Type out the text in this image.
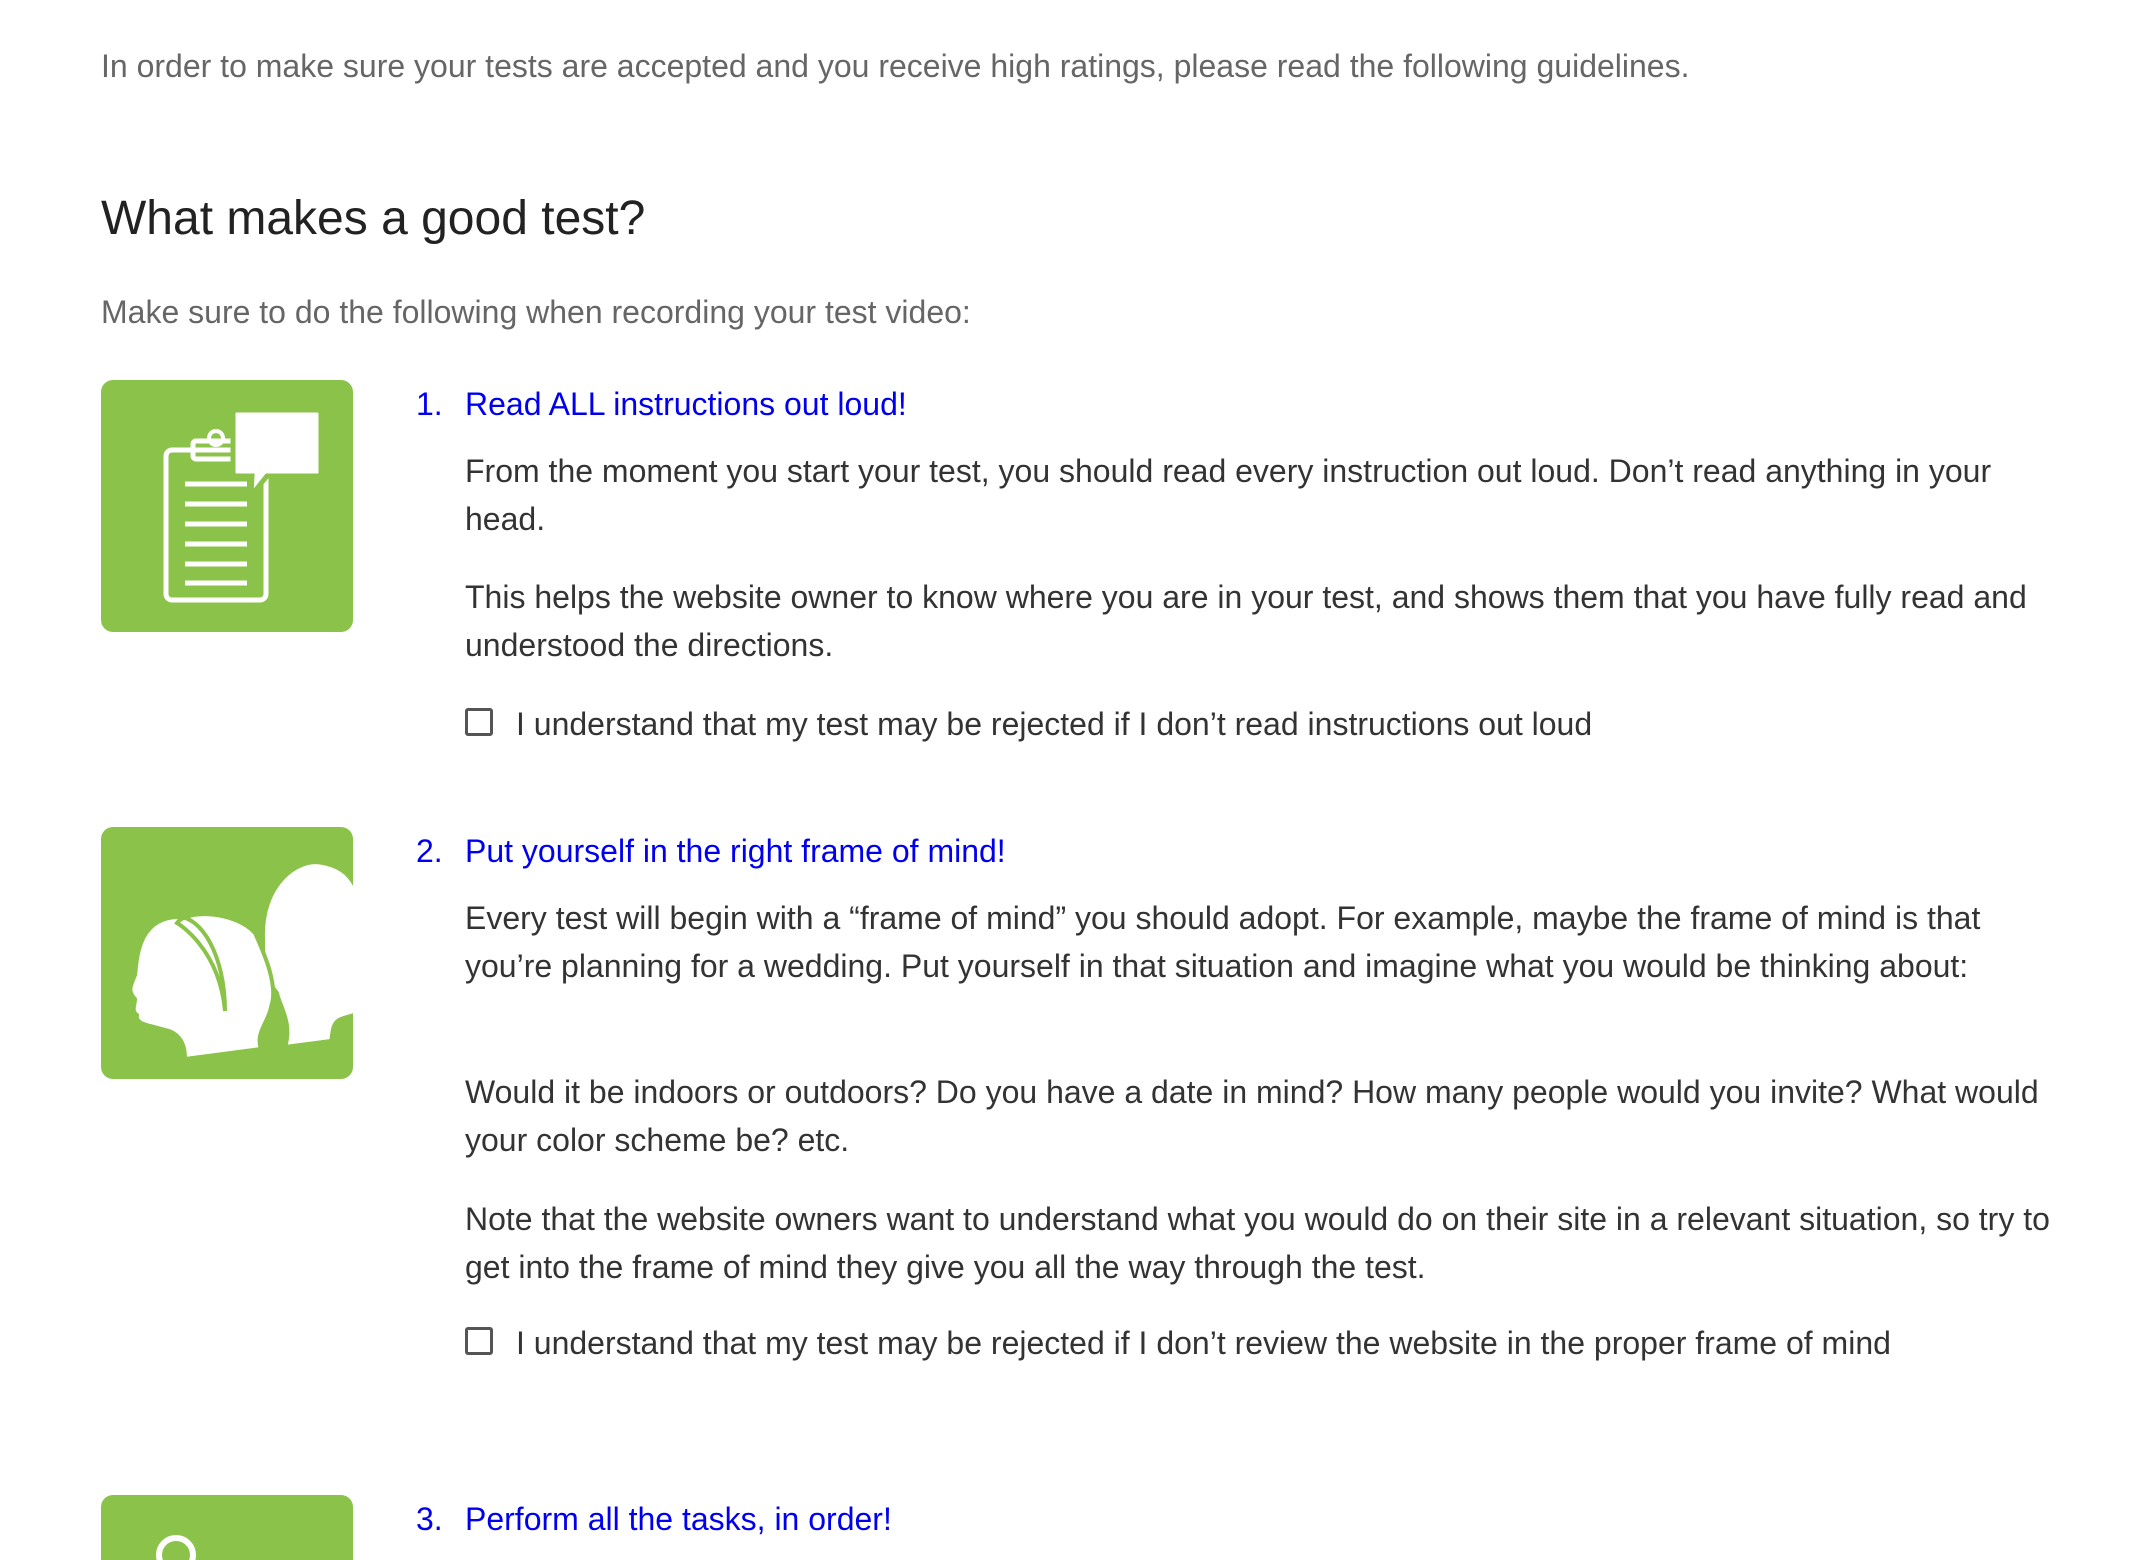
In order to make sure your tests are accepted and you receive high ratings, please read the following guidelines.
What makes a good test?
Make sure to do the following when recording your test video:
1. Read ALL instructions out loud!

From the moment you start your test, you should read every instruction out loud. Don’t read anything in your head.

This helps the website owner to know where you are in your test, and shows them that you have fully read and understood the directions.

I understand that my test may be rejected if I don’t read instructions out loud
2. Put yourself in the right frame of mind!

Every test will begin with a “frame of mind” you should adopt. For example, maybe the frame of mind is that you’re planning for a wedding. Put yourself in that situation and imagine what you would be thinking about:

Would it be indoors or outdoors? Do you have a date in mind? How many people would you invite? What would your color scheme be? etc.

Note that the website owners want to understand what you would do on their site in a relevant situation, so try to get into the frame of mind they give you all the way through the test.

I understand that my test may be rejected if I don’t review the website in the proper frame of mind
3. Perform all the tasks, in order!
